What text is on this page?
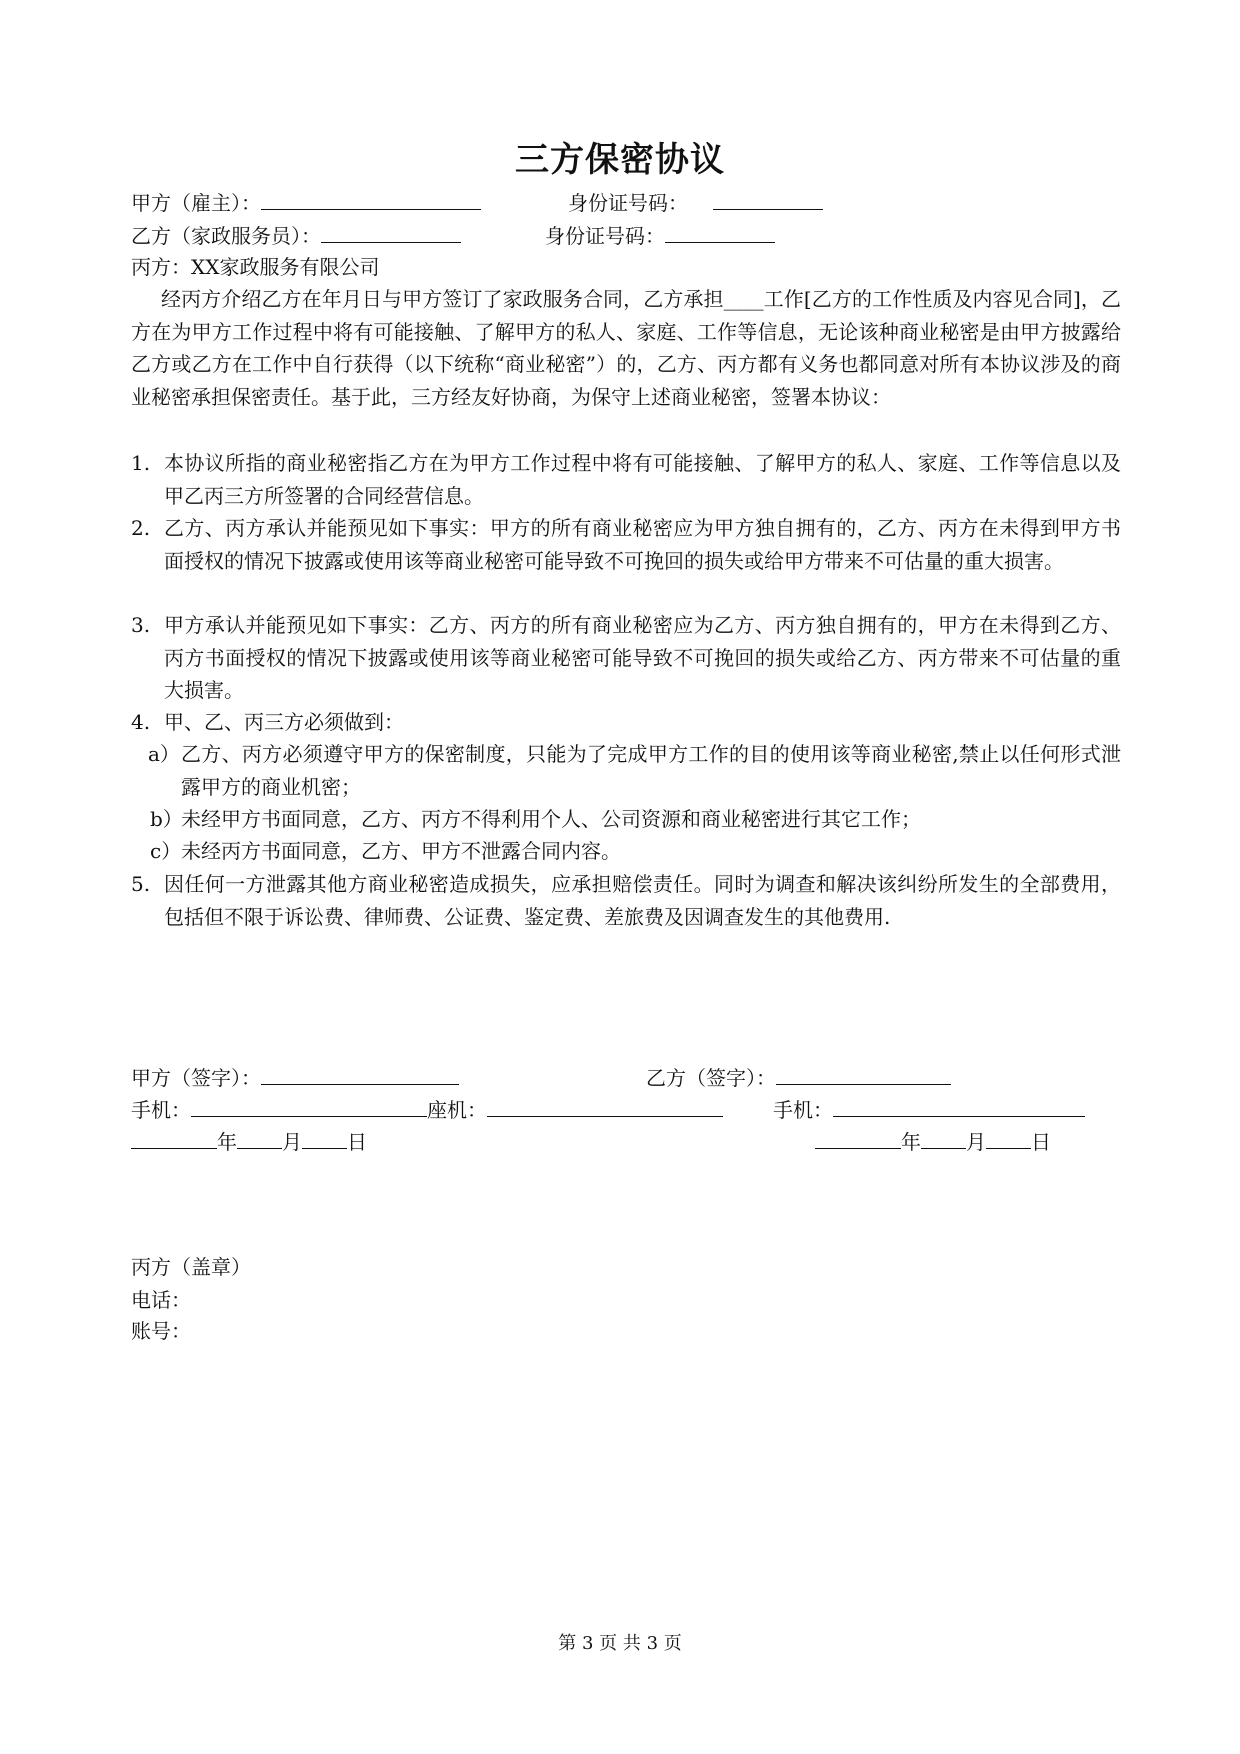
三方保密协议
甲方（雇主）：	身份证号码：
乙方（家政服务员）：	身份证号码：
丙方：XX家政服务有限公司
经丙方介绍乙方在年月日与甲方签订了家政服务合同，乙方承担____工作[乙方的工作性质及内容见合同]，乙方在为甲方工作过程中将有可能接触、了解甲方的私人、家庭、工作等信息，无论该种商业秘密是由甲方披露给乙方或乙方在工作中自行获得（以下统称“商业秘密”）的，乙方、丙方都有义务也都同意对所有本协议涉及的商业秘密承担保密责任。基于此，三方经友好协商，为保守上述商业秘密，签署本协议：
1. 本协议所指的商业秘密指乙方在为甲方工作过程中将有可能接触、了解甲方的私人、家庭、工作等信息以及甲乙丙三方所签署的合同经营信息。
2. 乙方、丙方承认并能预见如下事实：甲方的所有商业秘密应为甲方独自拥有的，乙方、丙方在未得到甲方书面授权的情况下披露或使用该等商业秘密可能导致不可挽回的损失或给甲方带来不可估量的重大损害。
3. 甲方承认并能预见如下事实：乙方、丙方的所有商业秘密应为乙方、丙方独自拥有的，甲方在未得到乙方、丙方书面授权的情况下披露或使用该等商业秘密可能导致不可挽回的损失或给乙方、丙方带来不可估量的重大损害。
4. 甲、乙、丙三方必须做到：
a） 乙方、丙方必须遵守甲方的保密制度，只能为了完成甲方工作的目的使用该等商业秘密,禁止以任何形式泄露甲方的商业机密；
b）
未经甲方书面同意，乙方、丙方不得利用个人、公司资源和商业秘密进行其它工作；
c） 未经丙方书面同意，乙方、甲方不泄露合同内容。
5. 因任何一方泄露其他方商业秘密造成损失，应承担赔偿责任。同时为调查和解决该纠纷所发生的全部费用，包括但不限于诉讼费、律师费、公证费、鉴定费、差旅费及因调查发生的其他费用.
甲方（签字）：	乙方（签字）：
手机：	座机：	手机：
年 月 日	年 月 日
丙方（盖章）
电话：
账号：
第 3 页 共 3 页
